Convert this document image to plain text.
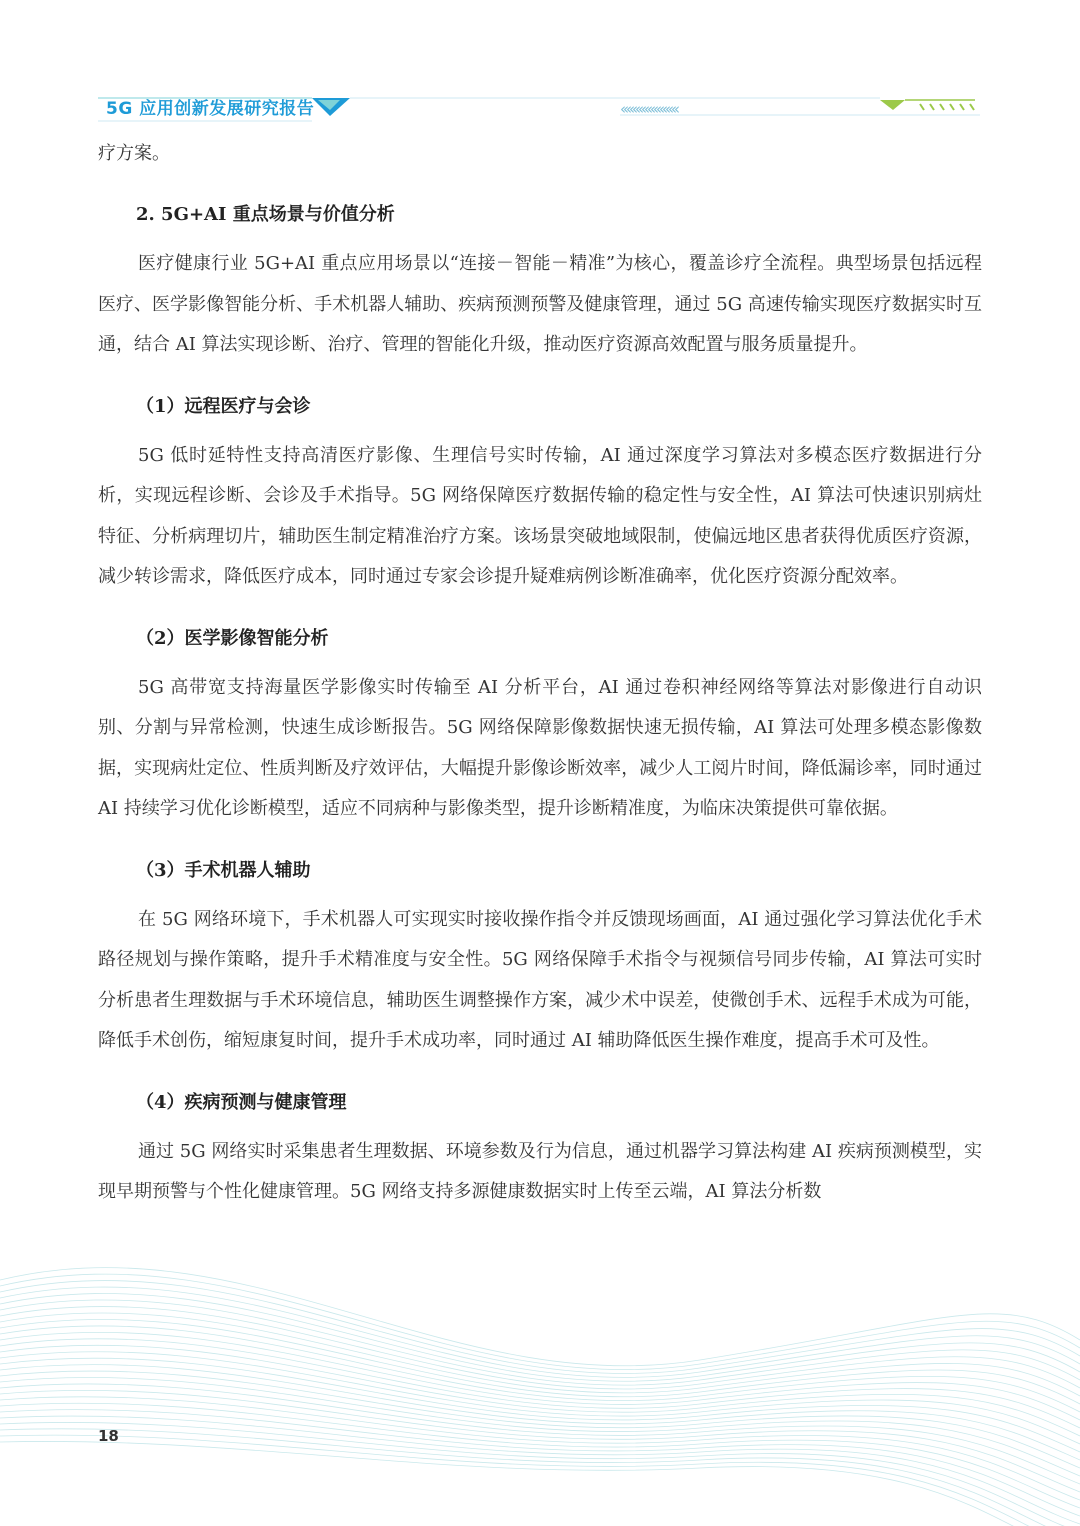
‹‹‹‹‹‹‹‹‹‹‹‹‹‹‹‹‹‹‹
5G 应用创新发展研究报告

疗方案。

2. 5G+AI 重点场景与价值分析

医疗健康行业 5G+AI 重点应用场景以“连接－智能－精准”为核心，覆盖诊疗全流程。典型场景包括远程医疗、医学影像智能分析、手术机器人辅助、疾病预测预警及健康管理，通过 5G 高速传输实现医疗数据实时互通，结合 AI 算法实现诊断、治疗、管理的智能化升级，推动医疗资源高效配置与服务质量提升。

（1）远程医疗与会诊

5G 低时延特性支持高清医疗影像、生理信号实时传输，AI 通过深度学习算法对多模态医疗数据进行分析，实现远程诊断、会诊及手术指导。5G 网络保障医疗数据传输的稳定性与安全性，AI 算法可快速识别病灶特征、分析病理切片，辅助医生制定精准治疗方案。该场景突破地域限制，使偏远地区患者获得优质医疗资源，减少转诊需求，降低医疗成本，同时通过专家会诊提升疑难病例诊断准确率，优化医疗资源分配效率。

（2）医学影像智能分析

5G 高带宽支持海量医学影像实时传输至 AI 分析平台，AI 通过卷积神经网络等算法对影像进行自动识别、分割与异常检测，快速生成诊断报告。5G 网络保障影像数据快速无损传输，AI 算法可处理多模态影像数据，实现病灶定位、性质判断及疗效评估，大幅提升影像诊断效率，减少人工阅片时间，降低漏诊率，同时通过 AI 持续学习优化诊断模型，适应不同病种与影像类型，提升诊断精准度，为临床决策提供可靠依据。

（3）手术机器人辅助

在 5G 网络环境下，手术机器人可实现实时接收操作指令并反馈现场画面，AI 通过强化学习算法优化手术路径规划与操作策略，提升手术精准度与安全性。5G 网络保障手术指令与视频信号同步传输，AI 算法可实时分析患者生理数据与手术环境信息，辅助医生调整操作方案，减少术中误差，使微创手术、远程手术成为可能，降低手术创伤，缩短康复时间，提升手术成功率，同时通过 AI 辅助降低医生操作难度，提高手术可及性。

（4）疾病预测与健康管理

通过 5G 网络实时采集患者生理数据、环境参数及行为信息，通过机器学习算法构建 AI 疾病预测模型，实现早期预警与个性化健康管理。5G 网络支持多源健康数据实时上传至云端，AI 算法分析数

18
